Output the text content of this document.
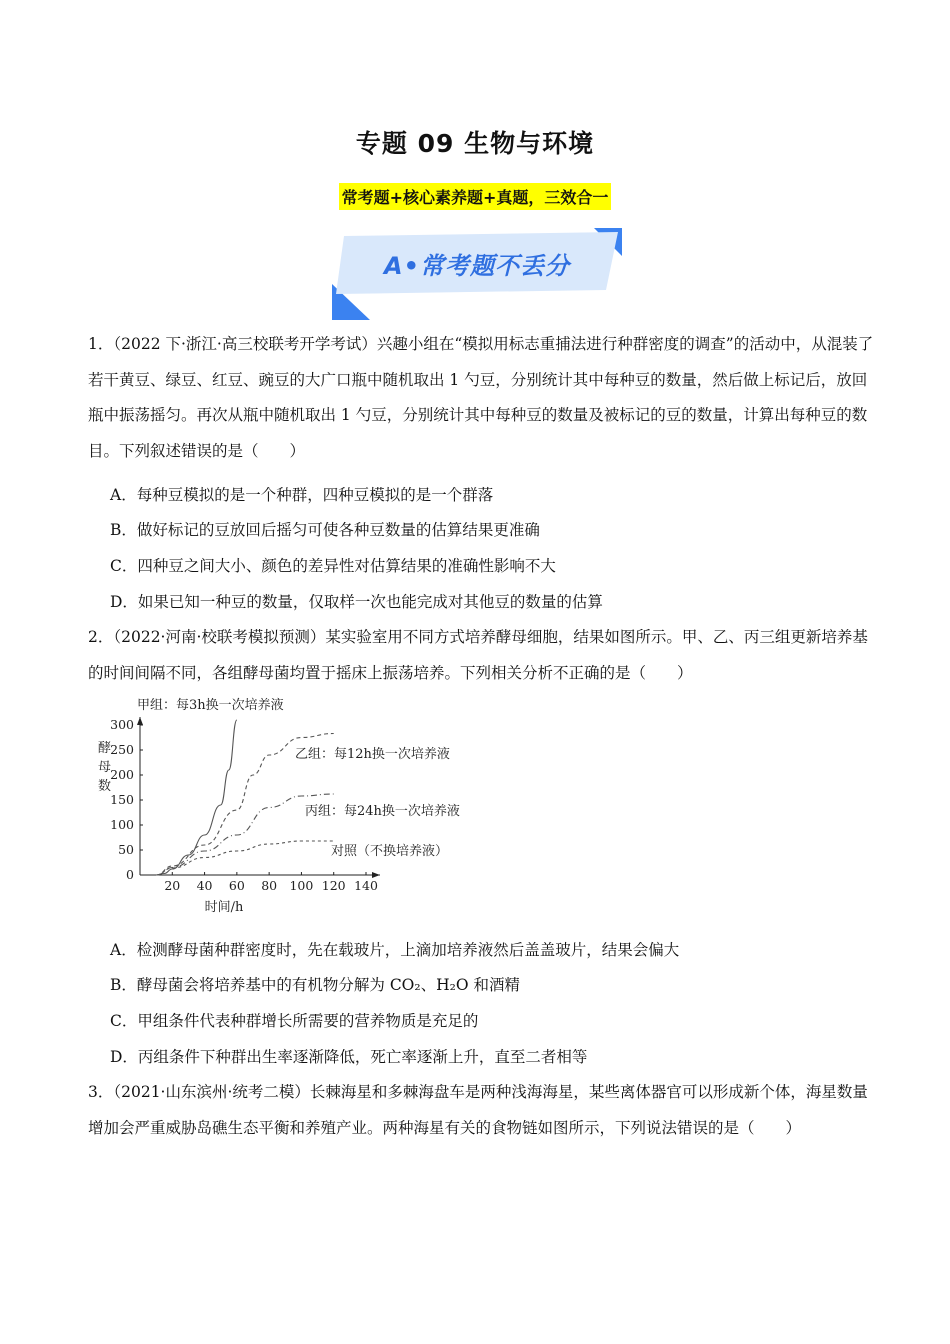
专题 09 生物与环境
常考题+核心素养题+真题，三效合一
A•常考题不丢分
1．（2022 下·浙江·高三校联考开学考试）兴趣小组在“模拟用标志重捕法进行种群密度的调查”的活动中，从混装了若干黄豆、绿豆、红豆、豌豆的大广口瓶中随机取出 1 勺豆，分别统计其中每种豆的数量，然后做上标记后，放回瓶中振荡摇匀。再次从瓶中随机取出 1 勺豆，分别统计其中每种豆的数量及被标记的豆的数量，计算出每种豆的数目。下列叙述错误的是（　　）
A．每种豆模拟的是一个种群，四种豆模拟的是一个群落
B．做好标记的豆放回后摇匀可使各种豆数量的估算结果更准确
C．四种豆之间大小、颜色的差异性对估算结果的准确性影响不大
D．如果已知一种豆的数量，仅取样一次也能完成对其他豆的数量的估算
2．（2022·河南·校联考模拟预测）某实验室用不同方式培养酵母细胞，结果如图所示。甲、乙、丙三组更新培养基的时间间隔不同，各组酵母菌均置于摇床上振荡培养。下列相关分析不正确的是（　　）
20 40 60 80 100 120 140
0
50
100
150
200
250
300
时间/h
酵
母
数
甲组：每3h换一次培养液
乙组：每12h换一次培养液
丙组：每24h换一次培养液
对照（不换培养液）
A．检测酵母菌种群密度时，先在载玻片，上滴加培养液然后盖盖玻片，结果会偏大
B．酵母菌会将培养基中的有机物分解为 CO₂、H₂O 和酒精
C．甲组条件代表种群增长所需要的营养物质是充足的
D．丙组条件下种群出生率逐渐降低，死亡率逐渐上升，直至二者相等
3．（2021·山东滨州·统考二模）长棘海星和多棘海盘车是两种浅海海星，某些离体器官可以形成新个体，海星数量增加会严重威胁岛礁生态平衡和养殖产业。两种海星有关的食物链如图所示，下列说法错误的是（　　）
